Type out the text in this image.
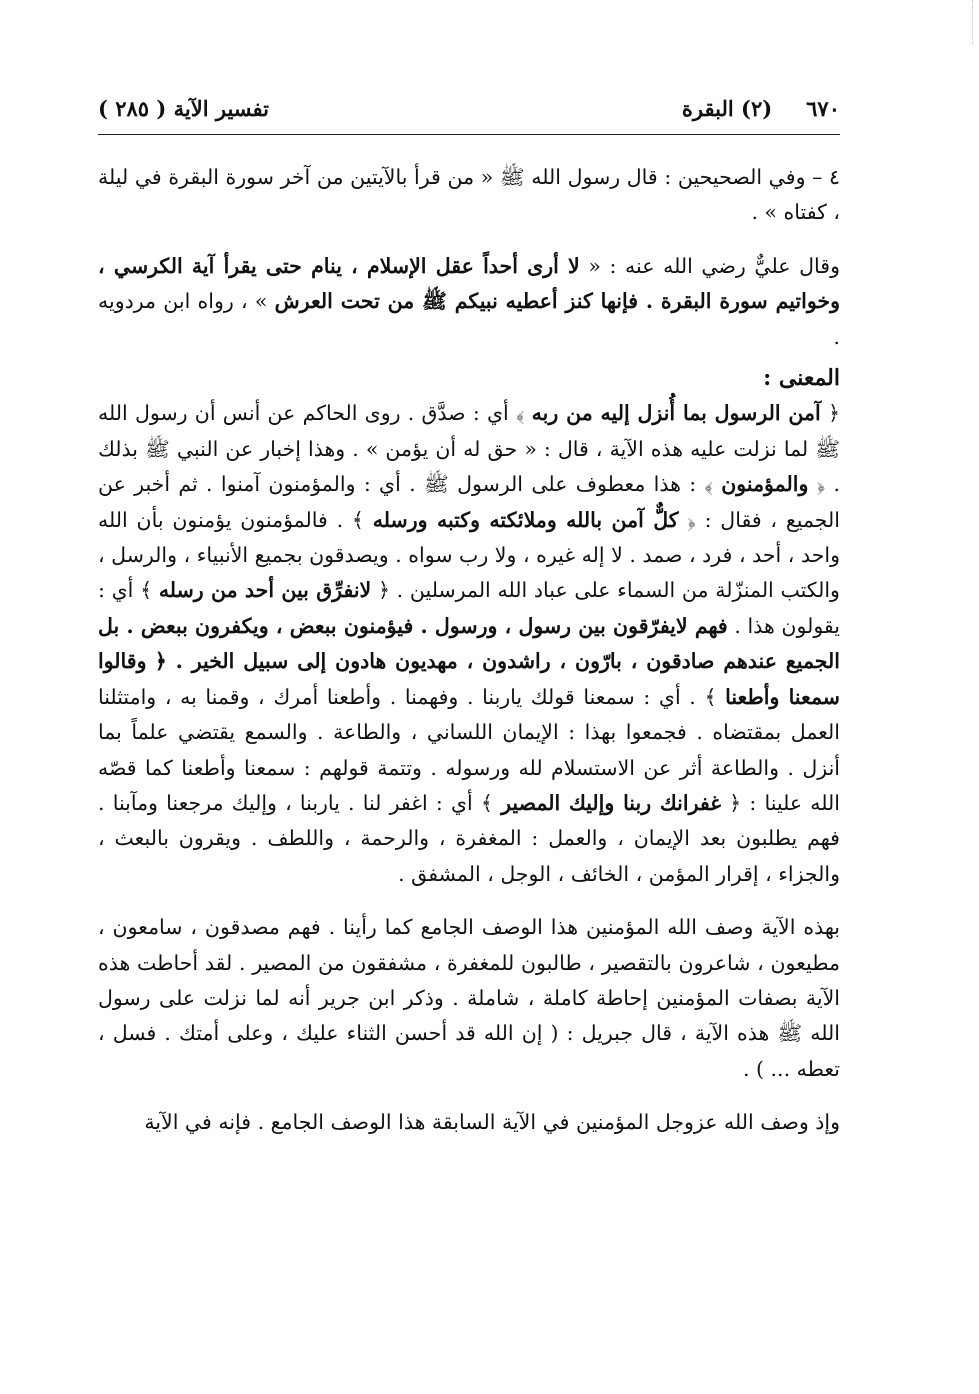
٦٧٠
(٢) البقرة
تفسير الآية ( ٢٨٥ )

٤ – وفي الصحيحين : قال رسول الله ﷺ « من قرأ بالآيتين من آخر سورة البقرة في ليلة ، كفتاه » .

وقال عليٌّ رضي الله عنه : « لا أرى أحداً عقل الإسلام ، ينام حتى يقرأ آية الكرسي ، وخواتيم سورة البقرة . فإنها كنز أعطيه نبيكم ﷺ من تحت العرش » ، رواه ابن مردويه .

المعنى :

﴿ آمن الرسول بما أُنزل إليه من ربه ﴾ أي : صدَّق . روى الحاكم عن أنس أن رسول الله ﷺ لما نزلت عليه هذه الآية ، قال : « حق له أن يؤمن » . وهذا إخبار عن النبي ﷺ بذلك . ﴿ والمؤمنون ﴾ : هذا معطوف على الرسول ﷺ . أي : والمؤمنون آمنوا . ثم أخبر عن الجميع ، فقال : ﴿ كلٌّ آمن بالله وملائكته وكتبه ورسله ﴾ . فالمؤمنون يؤمنون بأن الله واحد ، أحد ، فرد ، صمد . لا إله غيره ، ولا رب سواه . ويصدقون بجميع الأنبياء ، والرسل ، والكتب المنزّلة من السماء على عباد الله المرسلين . ﴿ لانفرِّق بين أحد من رسله ﴾ أي : يقولون هذا . فهم لايفرّقون بين رسول ، ورسول . فيؤمنون ببعض ، ويكفرون ببعض . بل الجميع عندهم صادقون ، بارّون ، راشدون ، مهديون هادون إلى سبيل الخير . ﴿ وقالوا سمعنا وأطعنا ﴾ . أي : سمعنا قولك ياربنا . وفهمنا . وأطعنا أمرك ، وقمنا به ، وامتثلنا العمل بمقتضاه . فجمعوا بهذا : الإيمان اللساني ، والطاعة . والسمع يقتضي علماً بما أنزل . والطاعة أثر عن الاستسلام لله ورسوله . وتتمة قولهم : سمعنا وأطعنا كما قصّه الله علينا : ﴿ غفرانك ربنا وإليك المصير ﴾ أي : اغفر لنا . ياربنا ، وإليك مرجعنا ومآبنا . فهم يطلبون بعد الإيمان ، والعمل : المغفرة ، والرحمة ، واللطف . ويقرون بالبعث ، والجزاء ، إقرار المؤمن ، الخائف ، الوجل ، المشفق .

بهذه الآية وصف الله المؤمنين هذا الوصف الجامع كما رأينا . فهم مصدقون ، سامعون ، مطيعون ، شاعرون بالتقصير ، طالبون للمغفرة ، مشفقون من المصير . لقد أحاطت هذه الآية بصفات المؤمنين إحاطة كاملة ، شاملة . وذكر ابن جرير أنه لما نزلت على رسول الله ﷺ هذه الآية ، قال جبريل : ( إن الله قد أحسن الثناء عليك ، وعلى أمتك . فسل ، تعطه ... ) .

وإذ وصف الله عزوجل المؤمنين في الآية السابقة هذا الوصف الجامع . فإنه في الآية
